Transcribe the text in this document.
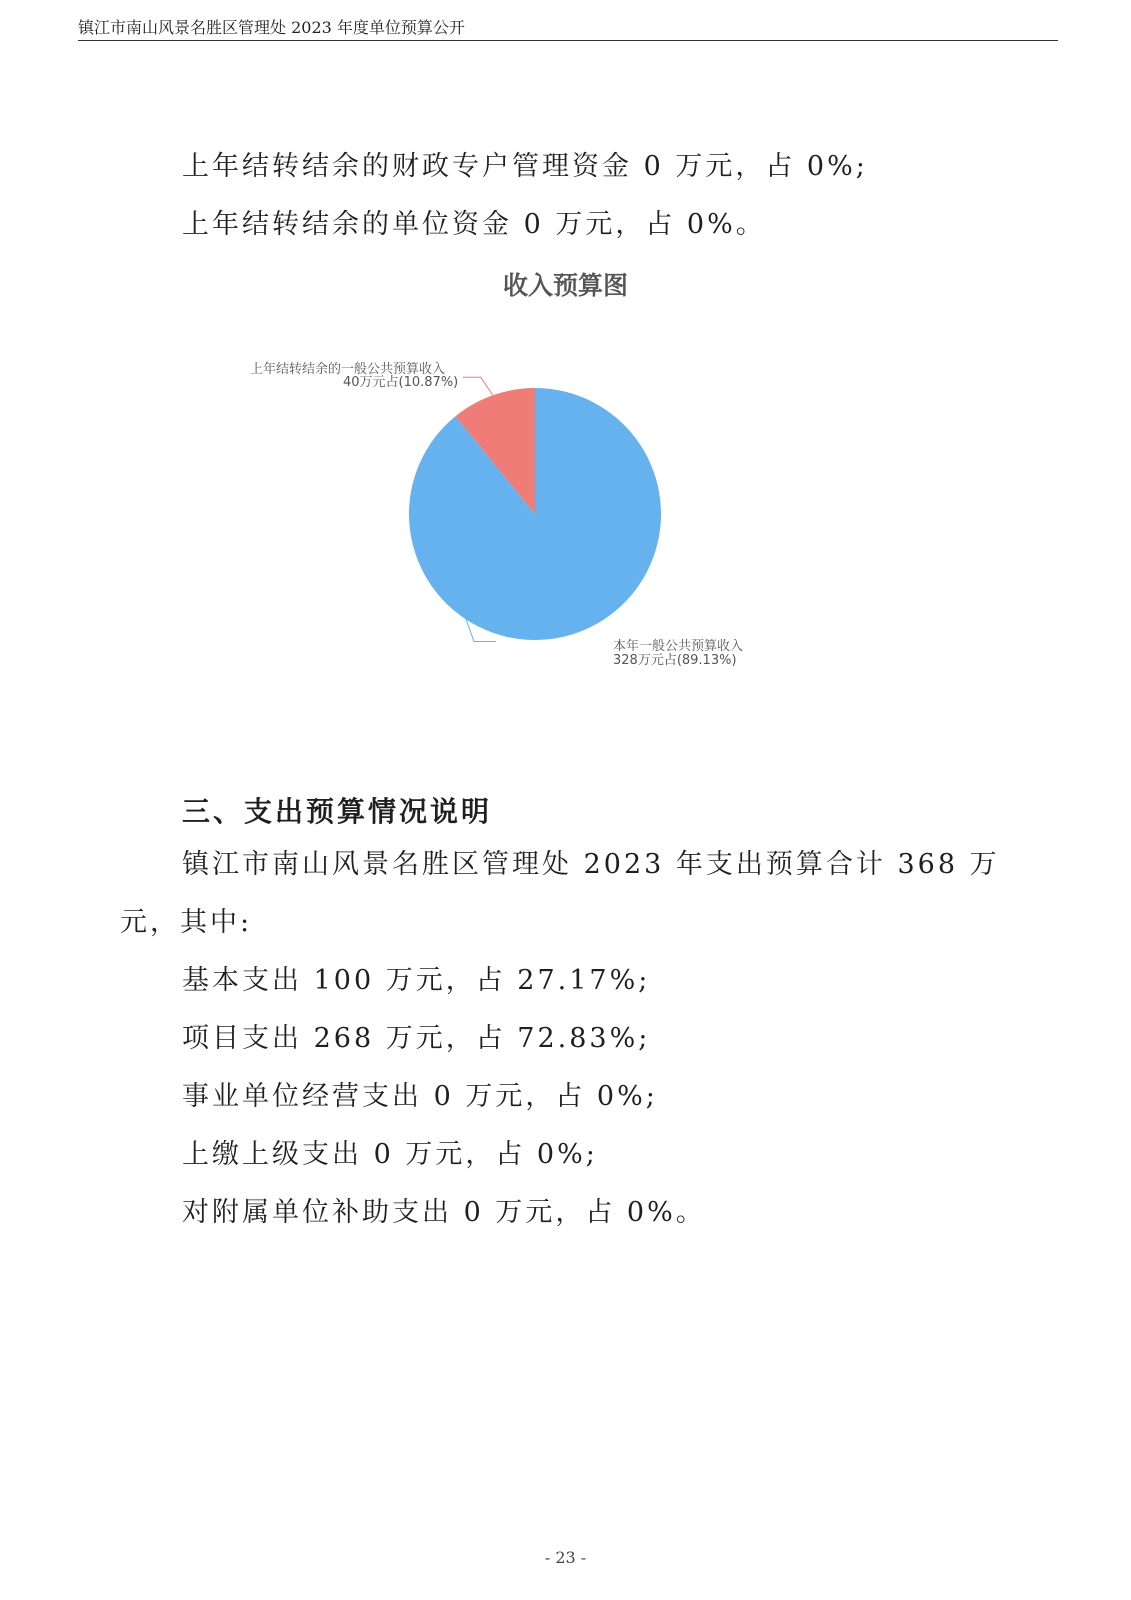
镇江市南山风景名胜区管理处 2023 年度单位预算公开
上年结转结余的财政专户管理资金 0 万元，占 0%;
上年结转结余的单位资金 0 万元，占 0%。
收入预算图
上年结转结余的一般公共预算收入
40万元占(10.87%)
本年一般公共预算收入
328万元占(89.13%)
三、支出预算情况说明
镇江市南山风景名胜区管理处 2023 年支出预算合计 368 万
元，其中:
基本支出 100 万元，占 27.17%;
项目支出 268 万元，占 72.83%;
事业单位经营支出 0 万元，占 0%;
上缴上级支出 0 万元，占 0%;
对附属单位补助支出 0 万元，占 0%。
- 23 -
